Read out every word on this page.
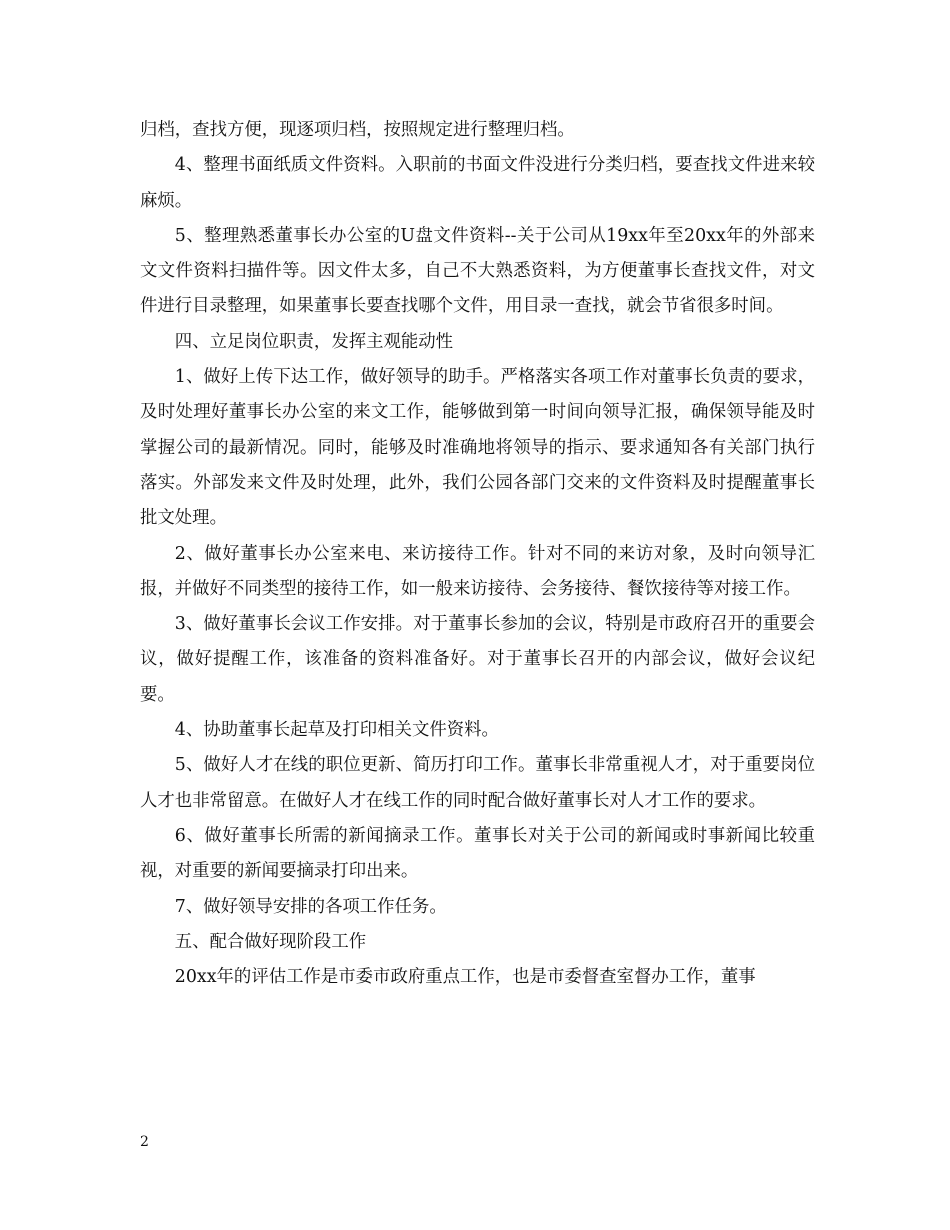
归档，查找方便，现逐项归档，按照规定进行整理归档。

4、整理书面纸质文件资料。入职前的书面文件没进行分类归档，要查找文件进来较麻烦。

5、整理熟悉董事长办公室的U盘文件资料--关于公司从19xx年至20xx年的外部来文文件资料扫描件等。因文件太多，自己不大熟悉资料，为方便董事长查找文件，对文件进行目录整理，如果董事长要查找哪个文件，用目录一查找，就会节省很多时间。

四、立足岗位职责，发挥主观能动性

1、做好上传下达工作，做好领导的助手。严格落实各项工作对董事长负责的要求，及时处理好董事长办公室的来文工作，能够做到第一时间向领导汇报，确保领导能及时掌握公司的最新情况。同时，能够及时准确地将领导的指示、要求通知各有关部门执行落实。外部发来文件及时处理，此外，我们公园各部门交来的文件资料及时提醒董事长批文处理。

2、做好董事长办公室来电、来访接待工作。针对不同的来访对象，及时向领导汇报，并做好不同类型的接待工作，如一般来访接待、会务接待、餐饮接待等对接工作。

3、做好董事长会议工作安排。对于董事长参加的会议，特别是市政府召开的重要会议，做好提醒工作，该准备的资料准备好。对于董事长召开的内部会议，做好会议纪要。

4、协助董事长起草及打印相关文件资料。

5、做好人才在线的职位更新、简历打印工作。董事长非常重视人才，对于重要岗位人才也非常留意。在做好人才在线工作的同时配合做好董事长对人才工作的要求。

6、做好董事长所需的新闻摘录工作。董事长对关于公司的新闻或时事新闻比较重视，对重要的新闻要摘录打印出来。

7、做好领导安排的各项工作任务。

五、配合做好现阶段工作

20xx年的评估工作是市委市政府重点工作，也是市委督查室督办工作，董事

2
